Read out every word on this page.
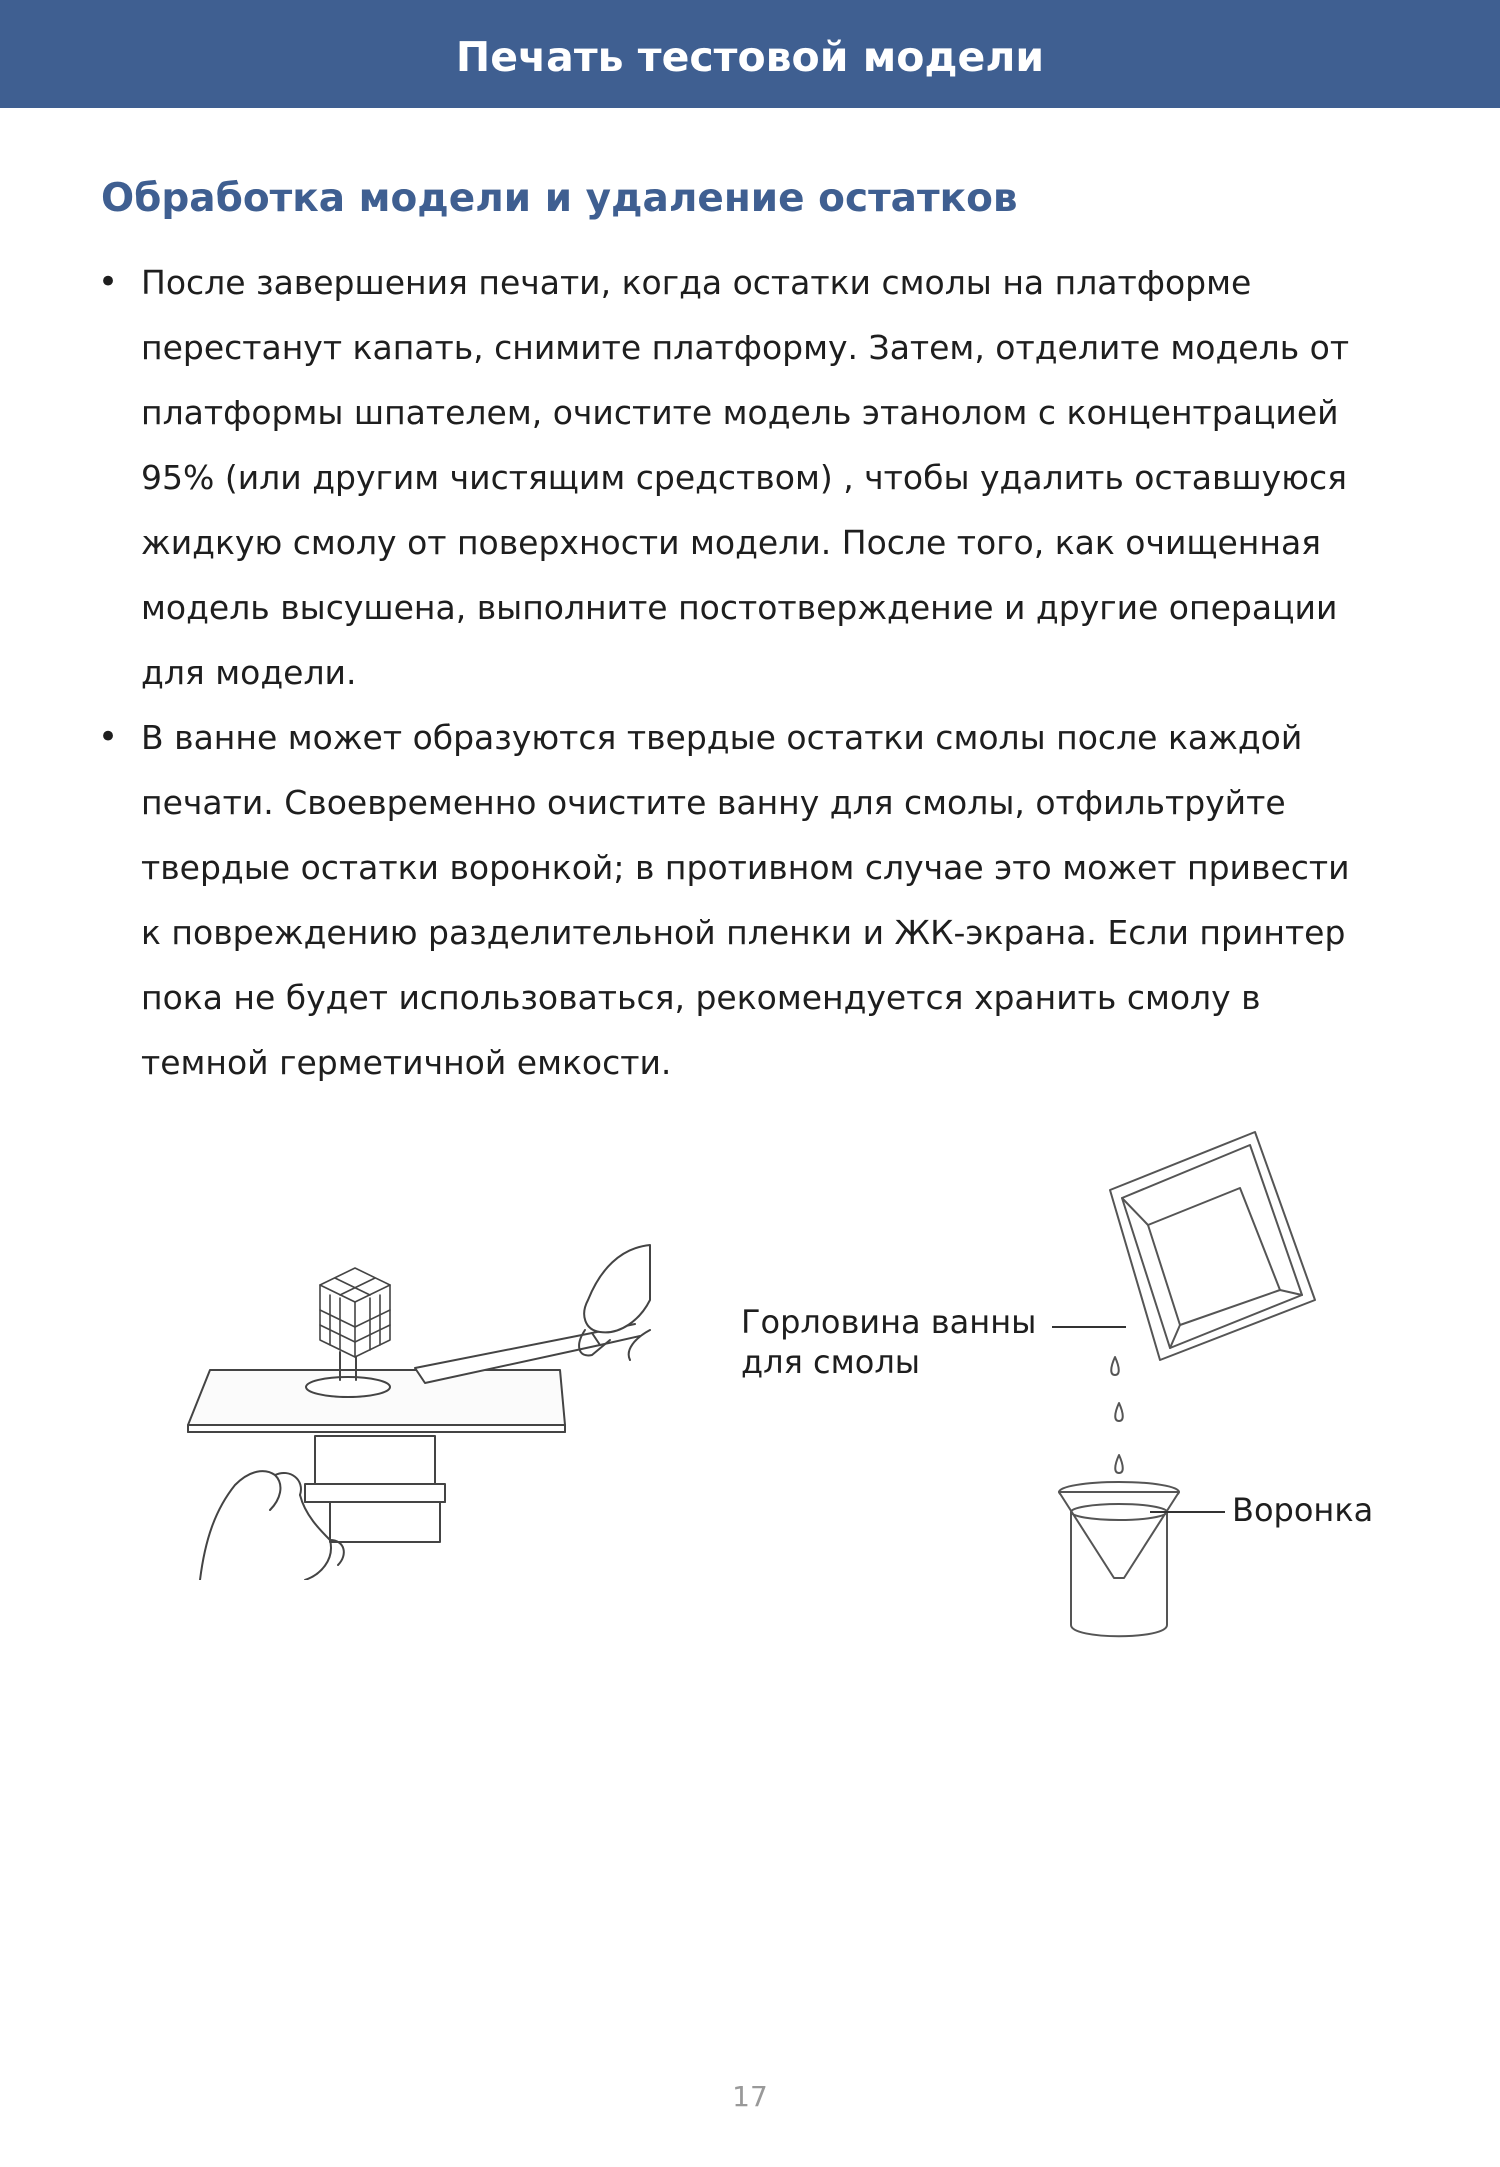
Печать тестовой модели
Обработка модели и удаление остатков
• После завершения печати, когда остатки смолы на платформе
перестанут капать, снимите платформу. Затем, отделите модель от
платформы шпателем, очистите модель этанолом с концентрацией
95% (или другим чистящим средством) , чтобы удалить оставшуюся
жидкую смолу от поверхности модели. После того, как очищенная
модель высушена, выполните постотверждение и другие операции
для модели.
• В ванне может образуются твердые остатки смолы после каждой
печати. Своевременно очистите ванну для смолы, отфильтруйте
твердые остатки воронкой; в противном случае это может привести
к повреждению разделительной пленки и ЖК-экрана. Если принтер
пока не будет использоваться, рекомендуется хранить смолу в
темной герметичной емкости.
Горловина ванны
для смолы
Воронка
17
